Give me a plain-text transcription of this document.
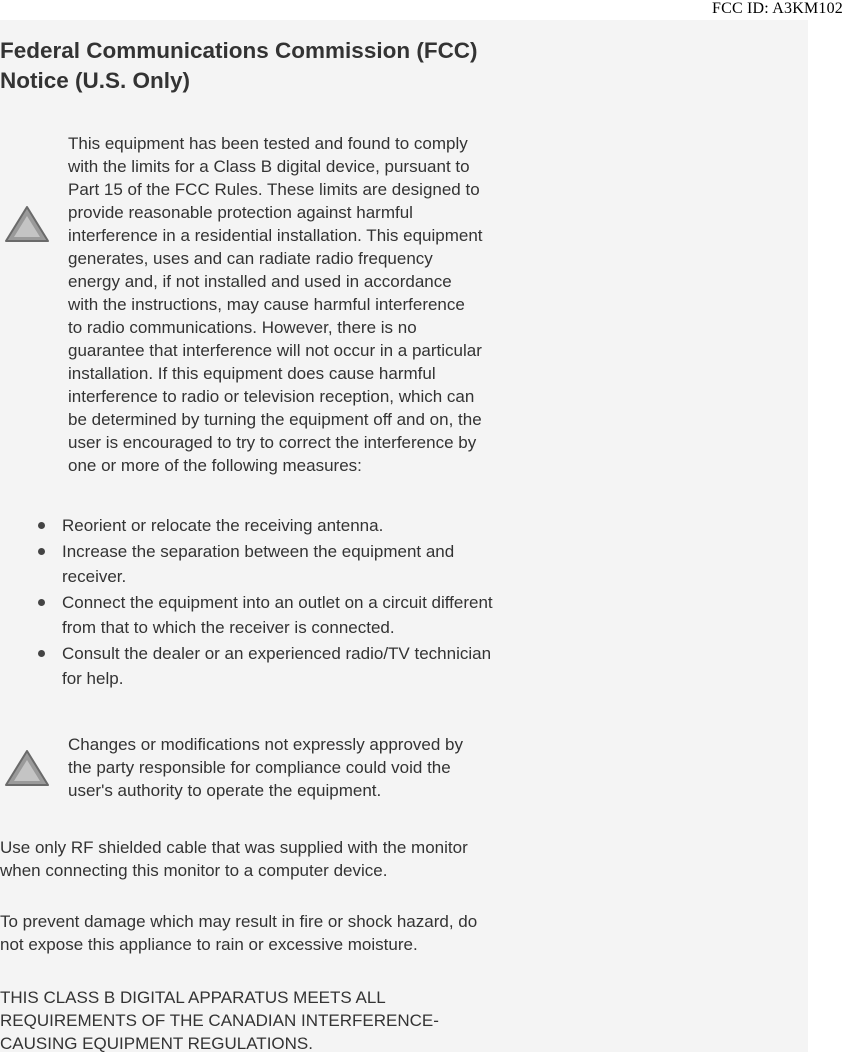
FCC ID: A3KM102
Federal Communications Commission (FCC)
Notice (U.S. Only)
This equipment has been tested and found to comply
with the limits for a Class B digital device, pursuant to
Part 15 of the FCC Rules. These limits are designed to
provide reasonable protection against harmful
interference in a residential installation. This equipment
generates, uses and can radiate radio frequency
energy and, if not installed and used in accordance
with the instructions, may cause harmful interference
to radio communications. However, there is no
guarantee that interference will not occur in a particular
installation. If this equipment does cause harmful
interference to radio or television reception, which can
be determined by turning the equipment off and on, the
user is encouraged to try to correct the interference by
one or more of the following measures:
Reorient or relocate the receiving antenna.
Increase the separation between the equipment and
receiver.
Connect the equipment into an outlet on a circuit different
from that to which the receiver is connected.
Consult the dealer or an experienced radio/TV technician
for help.
Changes or modifications not expressly approved by
the party responsible for compliance could void the
user's authority to operate the equipment.
Use only RF shielded cable that was supplied with the monitor
when connecting this monitor to a computer device.
To prevent damage which may result in fire or shock hazard, do
not expose this appliance to rain or excessive moisture.
THIS CLASS B DIGITAL APPARATUS MEETS ALL
REQUIREMENTS OF THE CANADIAN INTERFERENCE-
CAUSING EQUIPMENT REGULATIONS.
